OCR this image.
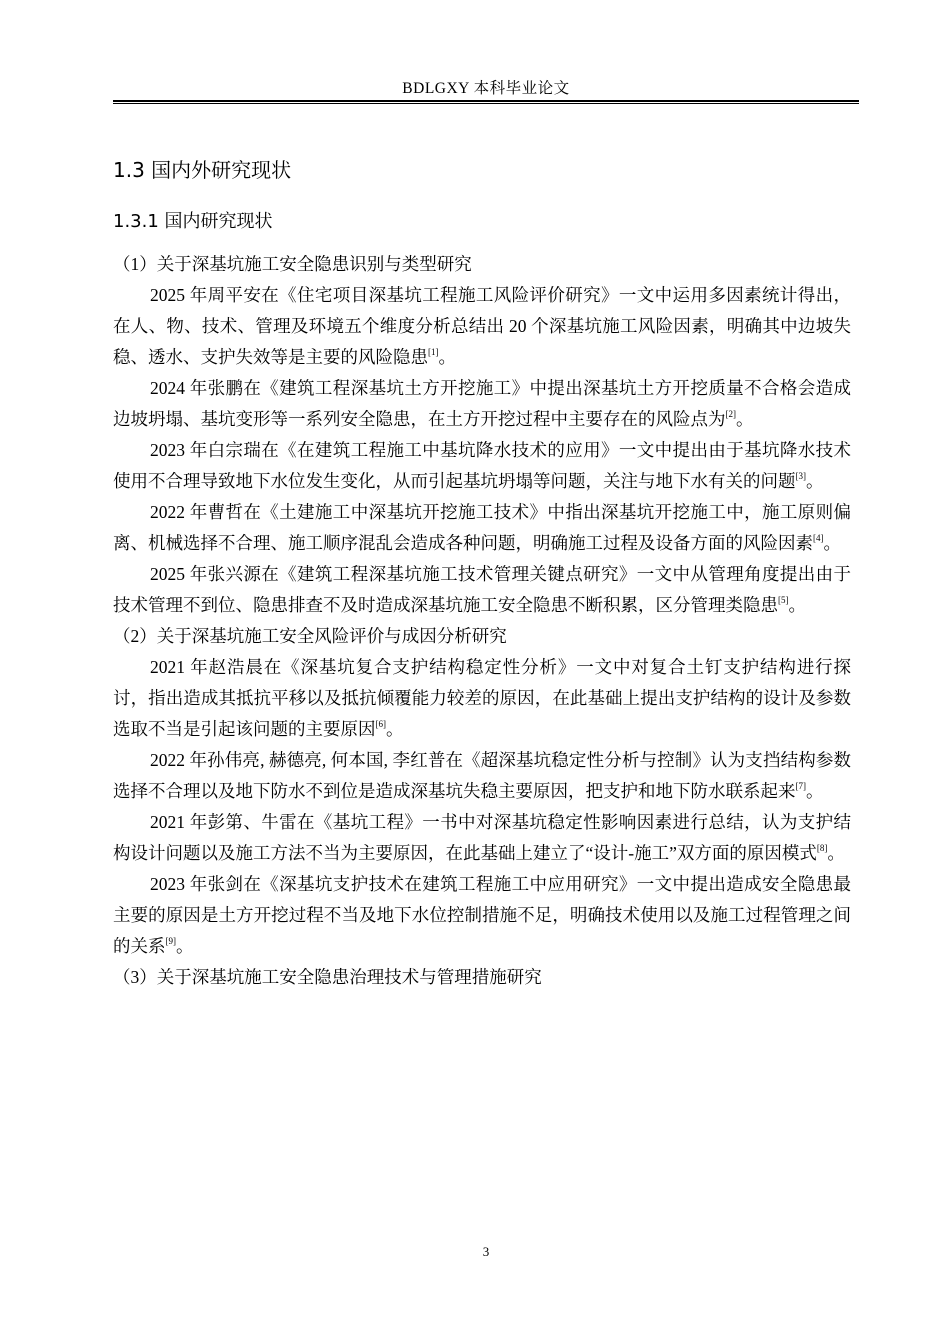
BDLGXY 本科毕业论文
1.3 国内外研究现状
1.3.1 国内研究现状

（1）关于深基坑施工安全隐患识别与类型研究

2025 年周平安在《住宅项目深基坑工程施工风险评价研究》一文中运用多因素统计得出，在人、物、技术、管理及环境五个维度分析总结出 20 个深基坑施工风险因素，明确其中边坡失稳、透水、支护失效等是主要的风险隐患[1]。

2024 年张鹏在《建筑工程深基坑土方开挖施工》中提出深基坑土方开挖质量不合格会造成边坡坍塌、基坑变形等一系列安全隐患，在土方开挖过程中主要存在的风险点为[2]。

2023 年白宗瑞在《在建筑工程施工中基坑降水技术的应用》一文中提出由于基坑降水技术使用不合理导致地下水位发生变化，从而引起基坑坍塌等问题，关注与地下水有关的问题[3]。

2022 年曹哲在《土建施工中深基坑开挖施工技术》中指出深基坑开挖施工中，施工原则偏离、机械选择不合理、施工顺序混乱会造成各种问题，明确施工过程及设备方面的风险因素[4]。

2025 年张兴源在《建筑工程深基坑施工技术管理关键点研究》一文中从管理角度提出由于技术管理不到位、隐患排查不及时造成深基坑施工安全隐患不断积累，区分管理类隐患[5]。

（2）关于深基坑施工安全风险评价与成因分析研究

2021 年赵浩晨在《深基坑复合支护结构稳定性分析》一文中对复合土钉支护结构进行探讨，指出造成其抵抗平移以及抵抗倾覆能力较差的原因，在此基础上提出支护结构的设计及参数选取不当是引起该问题的主要原因[6]。

2022 年孙伟亮, 赫德亮, 何本国, 李红普在《超深基坑稳定性分析与控制》认为支挡结构参数选择不合理以及地下防水不到位是造成深基坑失稳主要原因，把支护和地下防水联系起来[7]。

2021 年彭第、牛雷在《基坑工程》一书中对深基坑稳定性影响因素进行总结，认为支护结构设计问题以及施工方法不当为主要原因，在此基础上建立了“设计-施工”双方面的原因模式[8]。

2023 年张剑在《深基坑支护技术在建筑工程施工中应用研究》一文中提出造成安全隐患最主要的原因是土方开挖过程不当及地下水位控制措施不足，明确技术使用以及施工过程管理之间的关系[9]。

（3）关于深基坑施工安全隐患治理技术与管理措施研究

3
